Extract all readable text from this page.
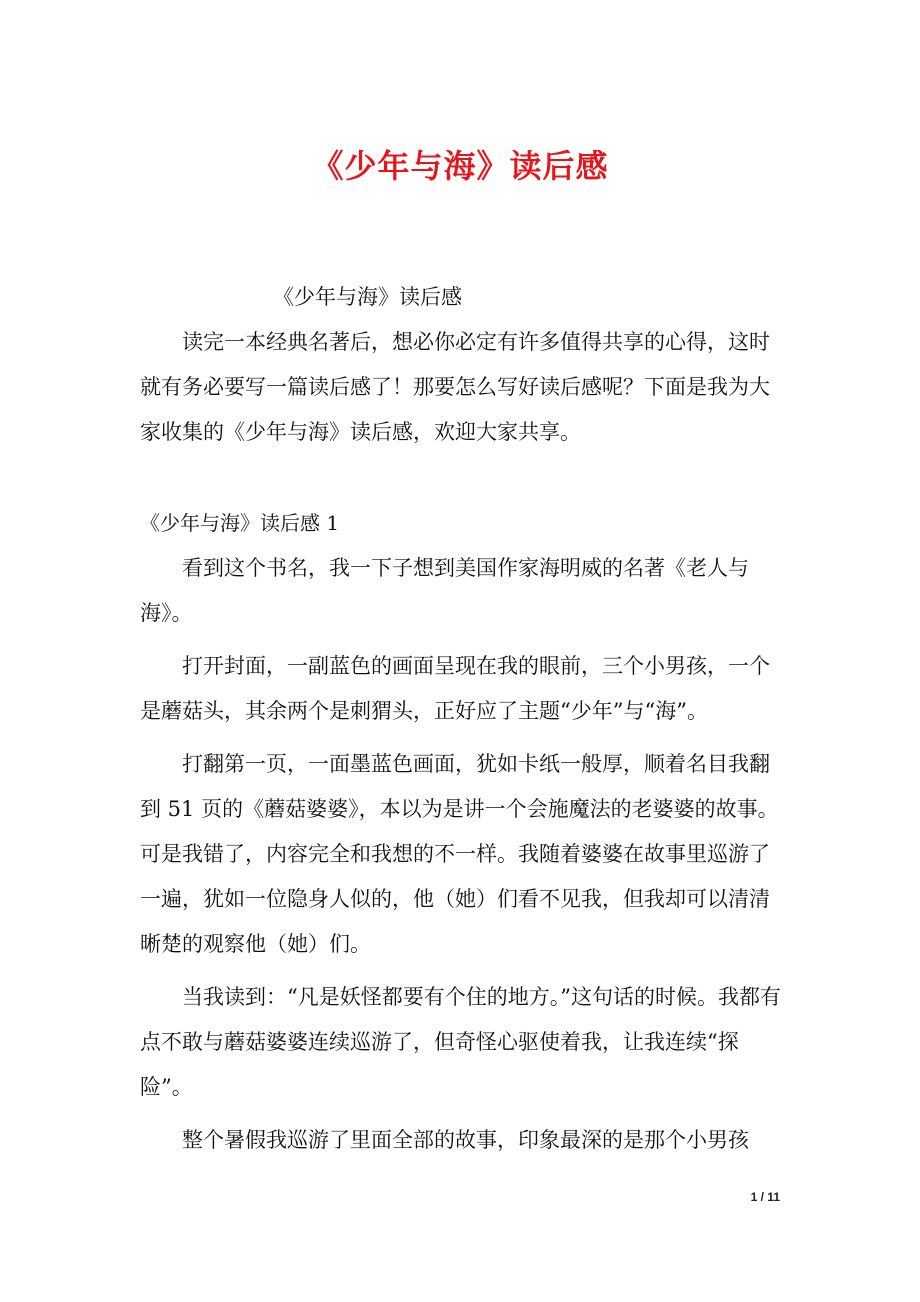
《少年与海》读后感

《少年与海》读后感

读完一本经典名著后，想必你必定有许多值得共享的心得，这时就有务必要写一篇读后感了！那要怎么写好读后感呢？下面是我为大家收集的《少年与海》读后感，欢迎大家共享。

《少年与海》读后感 1

看到这个书名，我一下子想到美国作家海明威的名著《老人与海》。

打开封面，一副蓝色的画面呈现在我的眼前，三个小男孩，一个是蘑菇头，其余两个是刺猬头，正好应了主题“少年”与“海”。

打翻第一页，一面墨蓝色画面，犹如卡纸一般厚，顺着名目我翻到 51 页的《蘑菇婆婆》，本以为是讲一个会施魔法的老婆婆的故事。可是我错了，内容完全和我想的不一样。我随着婆婆在故事里巡游了一遍，犹如一位隐身人似的，他（她）们看不见我，但我却可以清清晰楚的观察他（她）们。

当我读到：“凡是妖怪都要有个住的地方。”这句话的时候。我都有点不敢与蘑菇婆婆连续巡游了，但奇怪心驱使着我，让我连续“探险”。

整个暑假我巡游了里面全部的故事，印象最深的是那个小男孩

1 / 11
